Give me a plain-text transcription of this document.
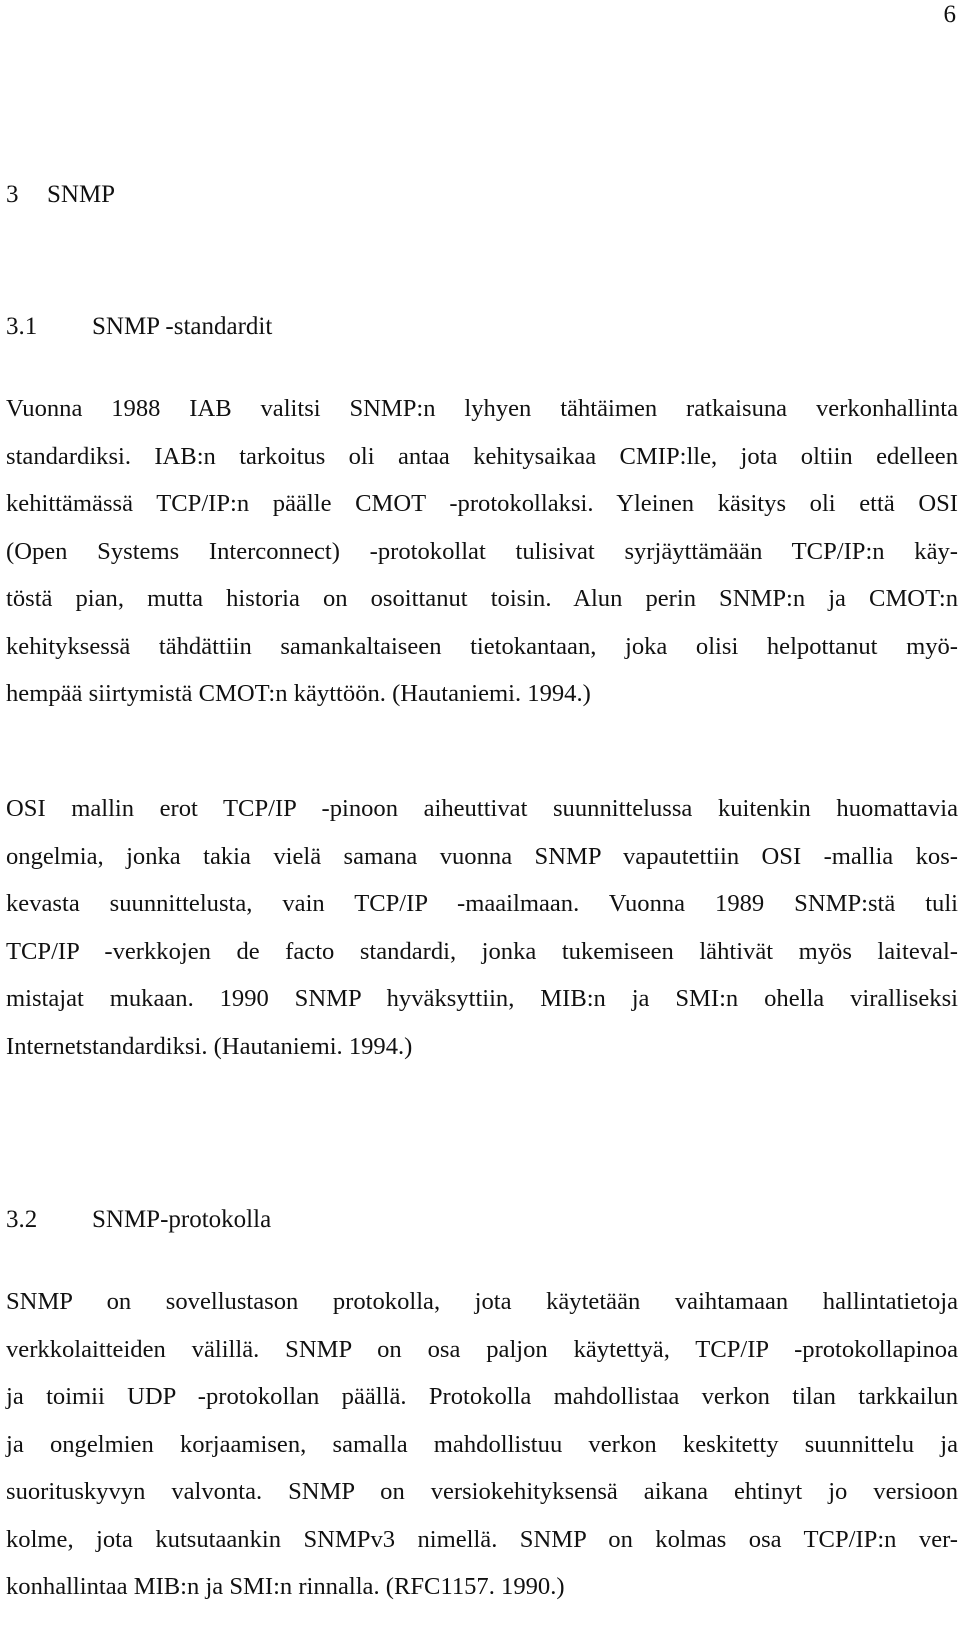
6
3 SNMP
3.1 SNMP -standardit
Vuonna 1988 IAB valitsi SNMP:n lyhyen tähtäimen ratkaisuna verkonhallinta
standardiksi. IAB:n tarkoitus oli antaa kehitysaikaa CMIP:lle, jota oltiin edelleen
kehittämässä TCP/IP:n päälle CMOT -protokollaksi. Yleinen käsitys oli että OSI
(Open Systems Interconnect) -protokollat tulisivat syrjäyttämään TCP/IP:n käy-
töstä pian, mutta historia on osoittanut toisin. Alun perin SNMP:n ja CMOT:n
kehityksessä tähdättiin samankaltaiseen tietokantaan, joka olisi helpottanut myö-
hempää siirtymistä CMOT:n käyttöön. (Hautaniemi. 1994.)
OSI mallin erot TCP/IP -pinoon aiheuttivat suunnittelussa kuitenkin huomattavia
ongelmia, jonka takia vielä samana vuonna SNMP vapautettiin OSI -mallia kos-
kevasta suunnittelusta, vain TCP/IP -maailmaan. Vuonna 1989 SNMP:stä tuli
TCP/IP -verkkojen de facto standardi, jonka tukemiseen lähtivät myös laiteval-
mistajat mukaan. 1990 SNMP hyväksyttiin, MIB:n ja SMI:n ohella viralliseksi
Internetstandardiksi. (Hautaniemi. 1994.)
3.2 SNMP-protokolla
SNMP on sovellustason protokolla, jota käytetään vaihtamaan hallintatietoja
verkkolaitteiden välillä. SNMP on osa paljon käytettyä, TCP/IP -protokollapinoa
ja toimii UDP -protokollan päällä. Protokolla mahdollistaa verkon tilan tarkkailun
ja ongelmien korjaamisen, samalla mahdollistuu verkon keskitetty suunnittelu ja
suorituskyvyn valvonta. SNMP on versiokehityksensä aikana ehtinyt jo versioon
kolme, jota kutsutaankin SNMPv3 nimellä. SNMP on kolmas osa TCP/IP:n ver-
konhallintaa MIB:n ja SMI:n rinnalla. (RFC1157. 1990.)
